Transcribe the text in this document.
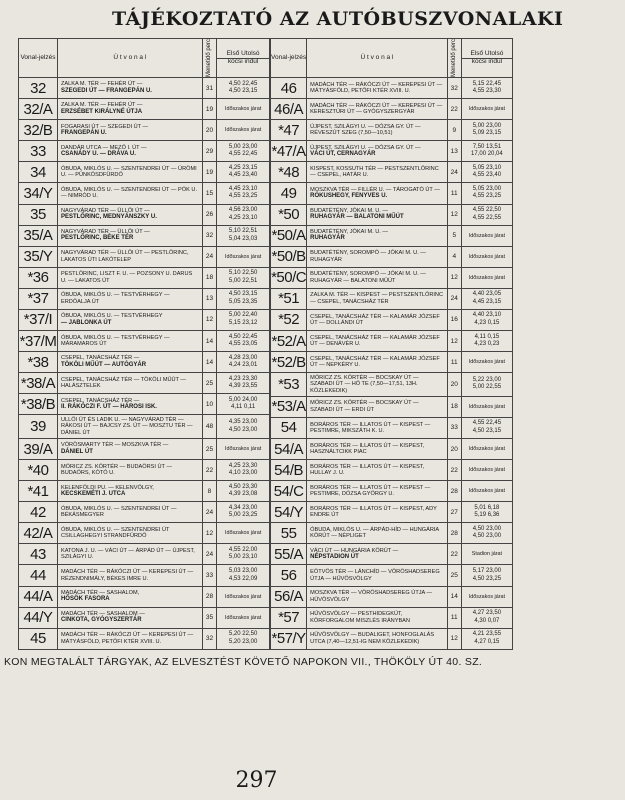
TÁJÉKOZTATÓ AZ AUTÓBUSZVONALAKI
Vonal-jelzés	Ú t v o n a l	Menetidő perc	Első Utolsó
kocsi indul

32	ZALKA M. TÉR — FEHÉR ÚT —
SZEGEDI ÚT — FRANGEPÁN U.	31	4,50 22,45
4,50 23,15

32/A	ZALKA M. TÉR — FEHÉR ÚT —
ERZSÉBET KIRÁLYNÉ ÚTJA	19	Időszakos járat
32/B	FOGARASI ÚT — SZEGEDI ÚT —
FRANGEPÁN U.	20	Időszakos járat
33	DANDÁR UTCA — MEZŐ I. ÚT —
CSANÁDY U. — DRÁVA U.	29	5,00 23,00
4,55 22,45

34	ÓBUDA, MIKLÓS U. — SZENTENDREI ÚT — ÜRÖMI U. — PÜNKÖSDFÜRDŐ	19	4,25 23,15
4,45 23,40

34/Y	ÓBUDA, MIKLÓS U. — SZENTENDREI ÚT — PÓK U. — NIMRÓD U.	15	4,45 23,10
4,55 23,25

35	NAGYVÁRAD TÉR — ÜLLŐI ÚT —
PESTLŐRINC, MEDNYÁNSZKY U.	26	4,56 23,00
4,25 23,10

35/A	NAGYVÁRAD TÉR — ÜLLŐI ÚT —
PESTLŐRINC, BÉKE TÉR	32	5,10 22,51
5,04 23,03

35/Y	NAGYVÁRAD TÉR — ÜLLŐI ÚT — PESTLŐRINC, LAKATOS ÚTI LAKÓTELEP	24	Időszakos járat
*36	PESTLŐRINC, LISZT F. U. — POZSONY U. DARUS U. — LAKATOS ÚT	18	5,10 22,50
5,00 22,51

*37	ÓBUDA, MIKLÓS U. — TESTVÉRHEGY — ERDŐALJA ÚT	13	4,50 23,15
5,05 23,35

*37/I	ÓBUDA, MIKLÓS U. — TESTVÉRHEGY
— JABLONKA ÚT	12	5,00 22,40
5,15 23,12

*37/M	ÓBUDA, MIKLÓS U. — TESTVÉRHEGY — MÁRAMAROS ÚT	14	4,50 22,45
4,55 23,05

*38	CSEPEL, TANÁCSHÁZ TÉR —
TÖKÖLI MŰÚT — AUTÓGYÁR	14	4,28 23,00
4,24 23,01

*38/A	CSEPEL, TANÁCSHÁZ TÉR — TÖKÖLI MŰÚT — HALÁSZTELEK	25	4,23 23,30
4,39 23,55

*38/B	CSEPEL, TANÁCSHÁZ TÉR —
II. RÁKÓCZI F. ÚT — HÁROSI ISK.	10	5,00 24,00
4,11 0,11

39	ULLŐI ÚT ÉS LADIK U. — NAGYVÁRAD TÉR — RÁKOSI ÚT — BAJCSY ZS. ÚT — MOSZTU TÉR — DÁNIEL ÚT	48	4,35 23,00
4,50 23,00

39/A	VÖRÖSMARTY TÉR — MOSZKVA TÉR —
DÁNIEL ÚT	25	Időszakos járat
*40	MÓRICZ ZS. KÖRTÉR — BUDAÖRSI ÚT — BUDAÖRS, KÓTÓ U.	22	4,25 23,30
4,10 23,00

*41	KELENFÖLDI PU. — KELENVÖLGY,
KECSKEMÉTI J. UTCA	8	4,50 23,30
4,39 23,08

42	ÓBUDA, MIKLÓS U. — SZENTENDREI ÚT — BÉKÁSMEGYER	24	4,34 23,00
5,00 23,25

42/A	ÓBUDA, MIKLÓS U. — SZENTENDREI ÚT CSILLAGHEGYI STRANDFÜRDŐ	12	Időszakos járat
43	KATONA J. U. — VÁCI ÚT — ÁRPÁD ÚT — ÚJPEST, SZILÁGYI U.	24	4,55 22,00
5,00 23,10

44	MADÁCH TÉR — RÁKÓCZI ÚT — KEREPESI ÚT — RÉZENDNIMÁLY, BÉKES IMRE U.	33	5,03 23,00
4,53 22,09

44/A	MADÁCH TÉR — SASHALOM,
HŐSÖK FASORA	28	Időszakos járat
44/Y	MADÁCH TÉR — SASHALOM —
CINKOTA, GYÓGYSZERTÁR	35	Időszakos járat
45	MADÁCH TÉR — RÁKÓCZI ÚT — KEREPESI ÚT — MÁTYÁSFÖLD, PETŐFI KTÉR XVIII. U.	32	5,20 22,50
5,20 23,00
Vonal-jelzés	Ú t v o n a l	Menetidő perc	Első Utolsó
kocsi indul

46	MADÁCH TÉR — RÁKÓCZI ÚT — KEREPESI ÚT — MÁTYÁSFÖLD, PETŐFI KTÉR XVIII. U.	32	5,15 22,45
4,55 23,30

46/A	MADÁCH TÉR — RÁKÓCZI ÚT — KEREPESI ÚT — KERESZTÚRI ÚT — GYÓGYSZERGYÁR	22	Időszakos járat
*47	ÚJPEST, SZILÁGYI U. — DÓZSA GY. ÚT — RÉVESZÚT SZEG (7,50—10,51)	9	5,00 23,00
5,09 23,15

*47/A	ÚJPEST, SZILÁGYI U. — DÓZSA GY. ÚT —
VÁCI ÚT, CERNAGYÁR	13	7,50 13,51
17,00 20,04

*48	KISPEST, KOSSUTH TÉR — PESTSZENTLŐRINC — CSEPEL, HATÁR U.	24	5,05 23,10
4,55 23,40

49	MOSZKVA TÉR — FILLÉR U. — TÁROGATÓ ÚT —
RÓKUSHEGY, FENYVES U.	11	5,05 23,00
4,55 23,25

*50	BUDATÉTÉNY, JÓKAI M. U. —
RUHAGYÁR — BALATONI MŰÚT	12	4,55 22,50
4,55 22,55

*50/A	BUDATÉTÉNY, JÓKAI M. U. —
RUHAGYÁR	5	Időszakos járat
*50/B	BUDATÉTÉNY, SOROMPÓ — JÓKAI M. U. — RUHAGYÁR	4	Időszakos járat
*50/C	BUDATÉTÉNY, SOROMPÓ — JÓKAI M. U. — RUHAGYÁR — BALATONI MŰÚT	12	Időszakos járat
*51	ZALKA M. TÉR — KISPEST — PESTSZENTLŐRINC — CSEPEL, TANÁCSHÁZ TÉR	24	4,40 23,05
4,45 23,15

*52	CSEPEL, TANÁCSHÁZ TÉR — KALAMÁR JÓZSEF ÚT — DOLLÁNDI ÚT	16	4,40 23,10
4,23 0,15

*52/A	CSEPEL, TANÁCSHÁZ TÉR — KALAMÁR JÓZSEF ÚT — DENÁVÉR U.	12	4,11 0,15
4,23 0,23

*52/B	CSEPEL, TANÁCSHÁZ TÉR — KALAMÁR JÓZSEF ÚT — NEPKÉRY U.	11	Időszakos járat
*53	MÓRICZ ZS. KÖRTÉR — BOCSKAY ÚT — SZABADI ÚT — HŐ TE (7,50—17,51, 13H. KÖZLEKEDIK)	20	5,22 23,00
5,00 22,55

*53/A	MÓRICZ ZS. KÖRTÉR — BOCSKAY ÚT — SZABADI ÚT — ERDI ÚT	18	Időszakos járat
54	BORÁROS TÉR — ILLATOS ÚT — KISPEST — PESTIMRE, MIKSZÁTH K. U.	33	4,55 22,45
4,50 23,15

54/A	BORÁROS TÉR — ILLATOS ÚT — KISPEST, HASZNÁLTCIKK PIAC	20	Időszakos járat
54/B	BORÁROS TÉR — ILLATOS ÚT — KISPEST, HULLAY J. U.	22	Időszakos járat
54/C	BORÁROS TÉR — ILLATOS ÚT — KISPEST — PESTIMRE, DÓZSA GYÖRGY U.	28	Időszakos járat
54/Y	BORÁROS TÉR — ILLATOS ÚT — KISPEST, ADY ENDRE ÚT	27	5,01 6,18
5,19 6,36

55	ÓBUDA, MIKLÓS U. — ÁRPÁD-HÍD — HUNGÁRIA KÖRÚT — NÉPLIGET	28	4,50 23,00
4,50 23,00

55/A	VÁCI ÚT — HUNGÁRIA KÖRÚT —
NÉPSTADION ÚT	22	Stadion járat
56	EÖTVÖS TÉR — LÁNCHÍD — VÖRÖSHADSEREG ÚTJA — HŰVÖSVÖLGY	25	5,17 23,00
4,50 23,25

56/A	MOSZKVA TÉR — VÖRÖSHADSEREG ÚTJA — HŰVÖSVÖLGY	14	Időszakos járat
*57	HŰVÖSVÖLGY — PESTHIDEGKÚT, KÖRFORGALOM MISZLÉS IRÁNYBAN	11	4,27 23,50
4,30 0,07

*57/Y	HŰVÖSVÖLGY — BUDALIGET, HONFOGLALÁS UTCA (7,40—12,51-IG NEM KÖZLEKEDIK)	12	4,21 23,55
4,27 0,15
KON MEGTALÁLT TÁRGYAK, AZ ELVESZTÉST KÖVETŐ NAPOKON VII., THÖKÖLY ÚT 40. SZ.
297
